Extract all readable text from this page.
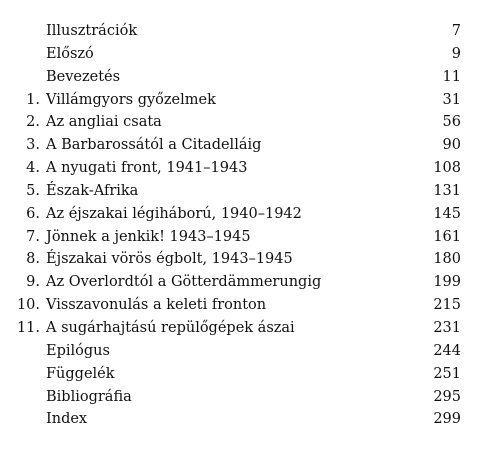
Illusztrációk	7
Előszó	9
Bevezetés	11
1. Villámgyors győzelmek	31
2. Az angliai csata	56
3. A Barbarossától a Citadelláig	90
4. A nyugati front, 1941–1943	108
5. Észak-Afrika	131
6. Az éjszakai légiháború, 1940–1942	145
7. Jönnek a jenkik! 1943–1945	161
8. Éjszakai vörös égbolt, 1943–1945	180
9. Az Overlordtól a Götterdämmerungig	199
10. Visszavonulás a keleti fronton	215
11. A sugárhajtású repülőgépek ászai	231
Epilógus	244
Függelék	251
Bibliográfia	295
Index	299
